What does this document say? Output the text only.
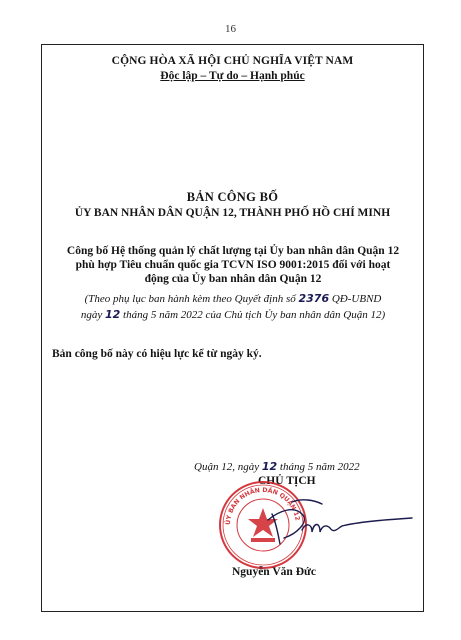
16
CỘNG HÒA XÃ HỘI CHỦ NGHĨA VIỆT NAM
Độc lập – Tự do – Hạnh phúc
BẢN CÔNG BỐ
ỦY BAN NHÂN DÂN QUẬN 12, THÀNH PHỐ HỒ CHÍ MINH
Công bố Hệ thống quản lý chất lượng tại Ủy ban nhân dân Quận 12
phù hợp Tiêu chuẩn quốc gia TCVN ISO 9001:2015 đối với hoạt
động của Ủy ban nhân dân Quận 12
(Theo phụ lục ban hành kèm theo Quyết định số 2376 QĐ-UBND
ngày 12 tháng 5 năm 2022 của Chủ tịch Ủy ban nhân dân Quận 12)
Bản công bố này có hiệu lực kể từ ngày ký.
Quận 12, ngày 12 tháng 5 năm 2022
CHỦ TỊCH
ỦY BAN NHÂN DÂN QUẬN 12
Nguyễn Văn Đức
